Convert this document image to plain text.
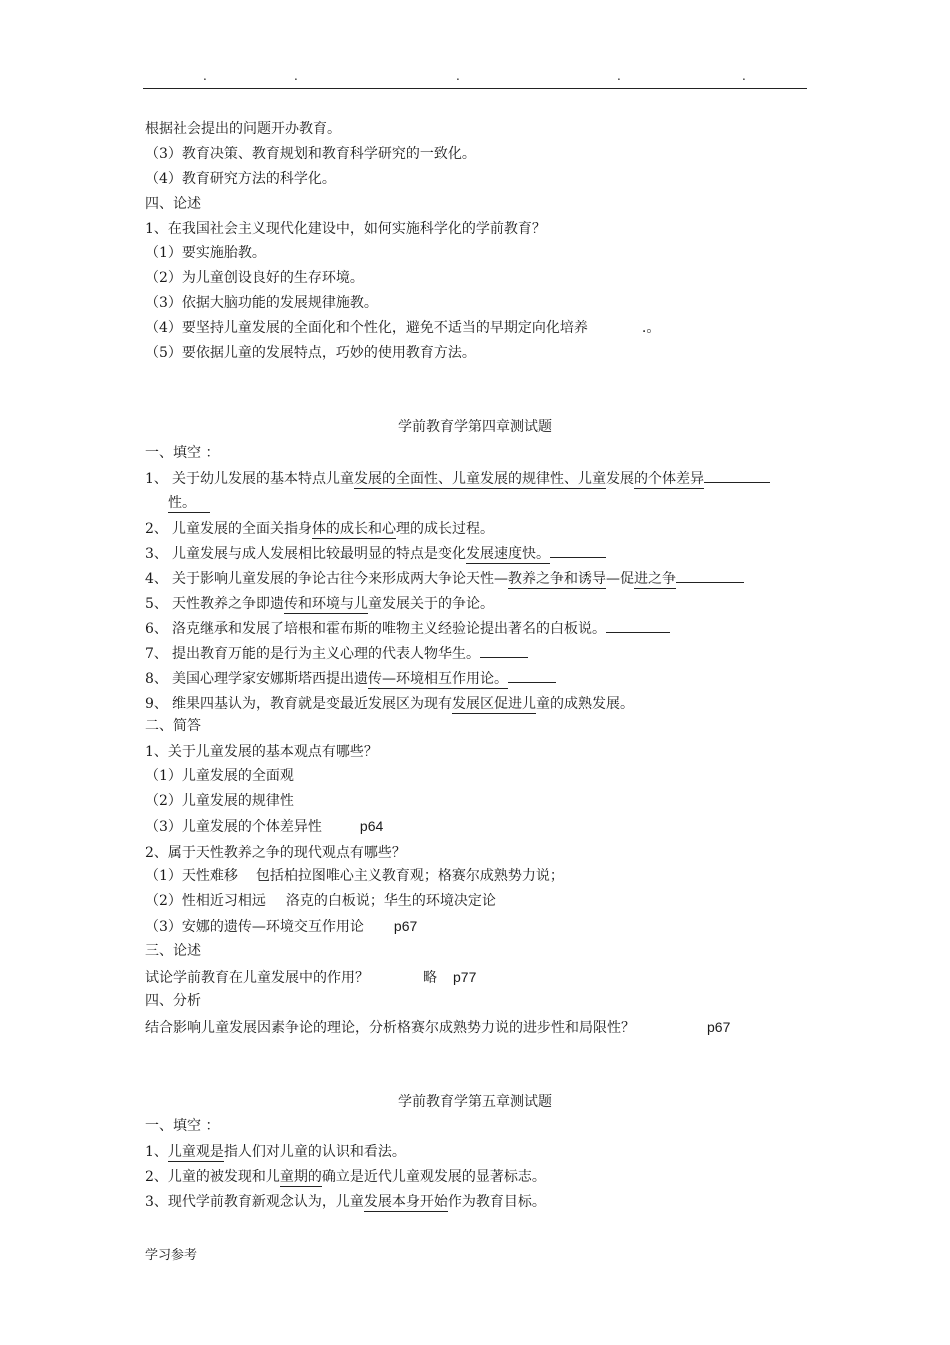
.	.	.	.	.
根据社会提出的问题开办教育。
（3）教育决策、教育规划和教育科学研究的一致化。
（4）教育研究方法的科学化。
四、论述
1、在我国社会主义现代化建设中，如何实施科学化的学前教育？
（1）要实施胎教。
（2）为儿童创设良好的生存环境。
（3）依据大脑功能的发展规律施教。
（4）要坚持儿童发展的全面化和个性化，避免不适当的早期定向化培养	.。
（5）要依据儿童的发展特点，巧妙的使用教育方法。
学前教育学第四章测试题
一、填空 ：
1、 关于幼儿发展的基本特点儿童发展的全面性、儿童发展的规律性、儿童发展的个体差异
性。
2、 儿童发展的全面关指身体的成长和心理的成长过程。
3、 儿童发展与成人发展相比较最明显的特点是变化发展速度快。
4、 关于影响儿童发展的争论古往今来形成两大争论天性—教养之争和诱导—促进之争
5、 天性教养之争即遗传和环境与儿童发展关于的争论。
6、 洛克继承和发展了培根和霍布斯的唯物主义经验论提出著名的白板说。
7、 提出教育万能的是行为主义心理的代表人物华生。
8、 美国心理学家安娜斯塔西提出遗传—环境相互作用论。
9、 维果四基认为，教育就是变最近发展区为现有发展区促进儿童的成熟发展。
二、简答
1、关于儿童发展的基本观点有哪些？
（1）儿童发展的全面观
（2）儿童发展的规律性
（3）儿童发展的个体差异性	p64
2、属于天性教养之争的现代观点有哪些？
（1）天性难移 包括柏拉图唯心主义教育观；格赛尔成熟势力说；
（2）性相近习相远 洛克的白板说；华生的环境决定论
（3）安娜的遗传—环境交互作用论 p67
三、论述
试论学前教育在儿童发展中的作用？	略 p77
四、分析
结合影响儿童发展因素争论的理论，分析格赛尔成熟势力说的进步性和局限性？	p67
学前教育学第五章测试题
一、填空 ：
1、儿童观是指人们对儿童的认识和看法。
2、儿童的被发现和儿童期的确立是近代儿童观发展的显著标志。
3、现代学前教育新观念认为，儿童发展本身开始作为教育目标。
学习参考
